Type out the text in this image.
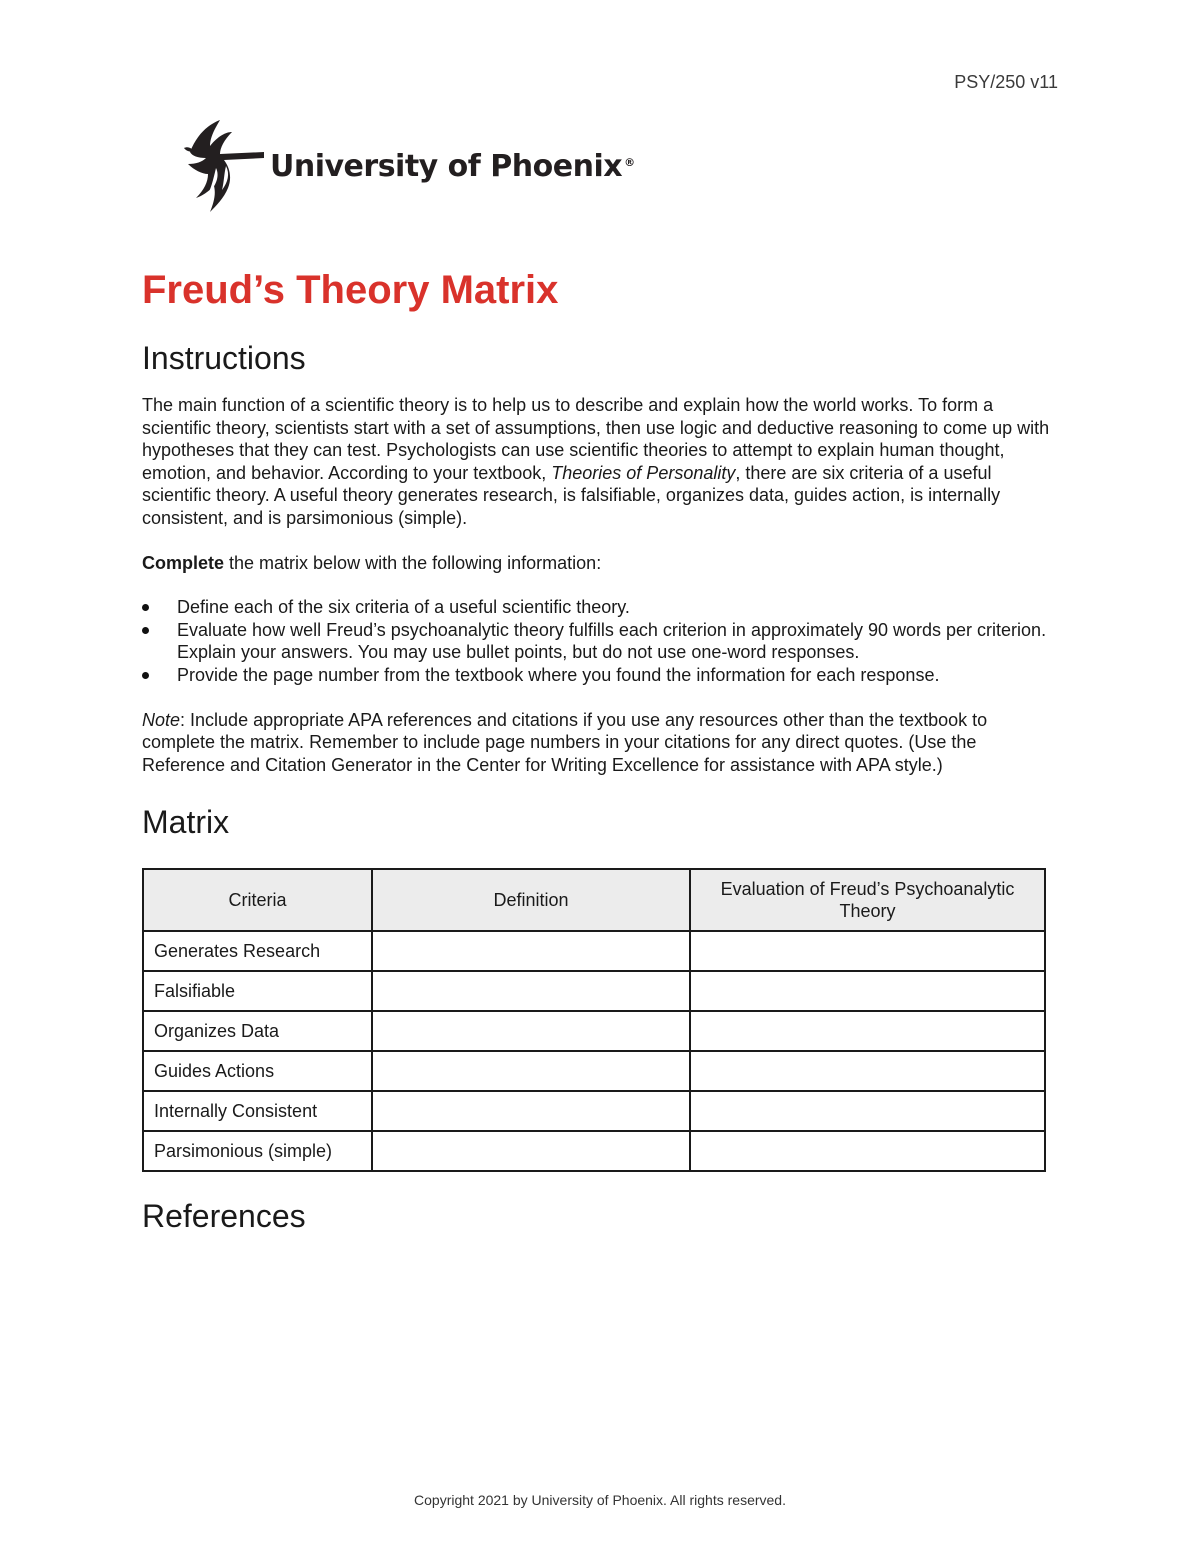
PSY/250 v11
University of Phoenix ®
Freud’s Theory Matrix
Instructions

The main function of a scientific theory is to help us to describe and explain how the world works. To form a scientific theory, scientists start with a set of assumptions, then use logic and deductive reasoning to come up with hypotheses that they can test. Psychologists can use scientific theories to attempt to explain human thought, emotion, and behavior. According to your textbook, Theories of Personality, there are six criteria of a useful scientific theory. A useful theory generates research, is falsifiable, organizes data, guides action, is internally consistent, and is parsimonious (simple).

Complete the matrix below with the following information:

Define each of the six criteria of a useful scientific theory.
Evaluate how well Freud’s psychoanalytic theory fulfills each criterion in approximately 90 words per criterion. Explain your answers. You may use bullet points, but do not use one-word responses.
Provide the page number from the textbook where you found the information for each response.

Note: Include appropriate APA references and citations if you use any resources other than the textbook to complete the matrix. Remember to include page numbers in your citations for any direct quotes. (Use the Reference and Citation Generator in the Center for Writing Excellence for assistance with APA style.)

Matrix
Criteria	Definition	Evaluation of Freud’s Psychoanalytic Theory
Generates Research		
Falsifiable		
Organizes Data		
Guides Actions		
Internally Consistent		
Parsimonious (simple)		
References
Copyright 2021 by University of Phoenix. All rights reserved.
